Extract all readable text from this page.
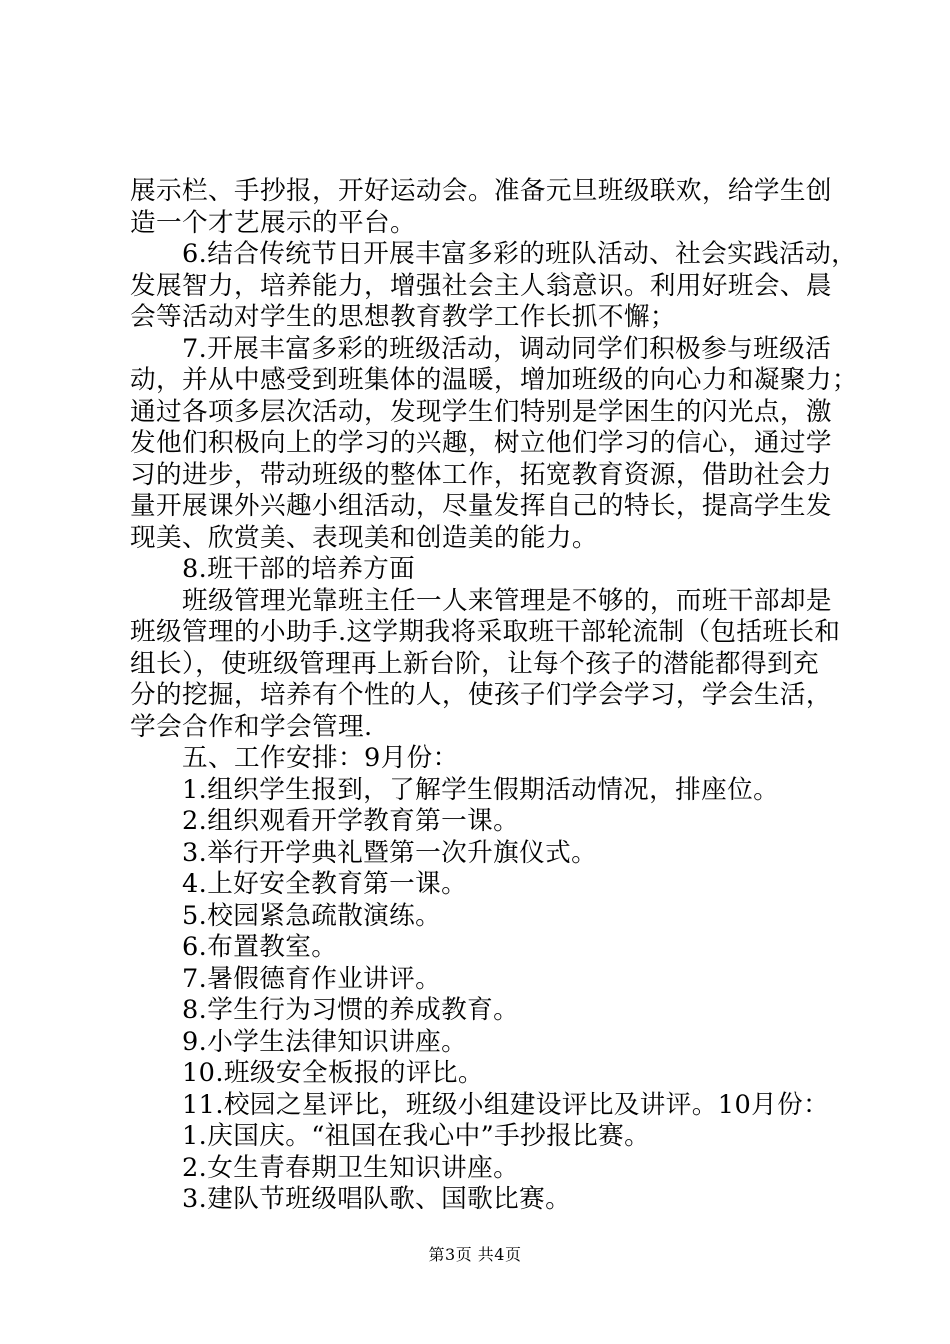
展示栏、手抄报，开好运动会。准备元旦班级联欢，给学生创
造一个才艺展示的平台。
6.结合传统节日开展丰富多彩的班队活动、社会实践活动，
发展智力，培养能力，增强社会主人翁意识。利用好班会、晨
会等活动对学生的思想教育教学工作长抓不懈；
7.开展丰富多彩的班级活动，调动同学们积极参与班级活
动，并从中感受到班集体的温暖，增加班级的向心力和凝聚力；
通过各项多层次活动，发现学生们特别是学困生的闪光点，激
发他们积极向上的学习的兴趣，树立他们学习的信心，通过学
习的进步，带动班级的整体工作，拓宽教育资源，借助社会力
量开展课外兴趣小组活动，尽量发挥自己的特长，提高学生发
现美、欣赏美、表现美和创造美的能力。
8.班干部的培养方面
班级管理光靠班主任一人来管理是不够的，而班干部却是
班级管理的小助手.这学期我将采取班干部轮流制（包括班长和
组长），使班级管理再上新台阶，让每个孩子的潜能都得到充
分的挖掘，培养有个性的人，使孩子们学会学习，学会生活，
学会合作和学会管理.
五、工作安排：9月份：
1.组织学生报到，了解学生假期活动情况，排座位。
2.组织观看开学教育第一课。
3.举行开学典礼暨第一次升旗仪式。
4.上好安全教育第一课。
5.校园紧急疏散演练。
6.布置教室。
7.暑假德育作业讲评。
8.学生行为习惯的养成教育。
9.小学生法律知识讲座。
10.班级安全板报的评比。
11.校园之星评比，班级小组建设评比及讲评。10月份：
1.庆国庆。“祖国在我心中”手抄报比赛。
2.女生青春期卫生知识讲座。
3.建队节班级唱队歌、国歌比赛。
第3页 共4页
